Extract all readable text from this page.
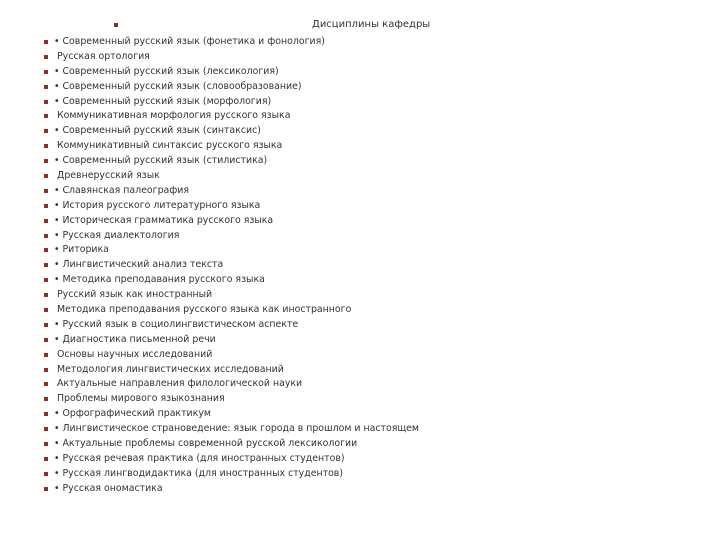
Дисциплины кафедры
• Современный русский язык (фонетика и фонология)
Русская ортология
• Современный русский язык (лексикология)
• Современный русский язык (словообразование)
• Современный русский язык (морфология)
Коммуникативная морфология русского языка
• Современный русский язык (синтаксис)
Коммуникативный синтаксис русского языка
• Современный русский язык (стилистика)
Древнерусский язык
• Славянская палеография
• История русского литературного языка
• Историческая грамматика русского языка
• Русская диалектология
• Риторика
• Лингвистический анализ текста
• Методика преподавания русского языка
Русский язык как иностранный
Методика преподавания русского языка как иностранного
• Русский язык в социолингвистическом аспекте
• Диагностика письменной речи
Основы научных исследований
Методология лингвистических исследований
Актуальные направления филологической науки
Проблемы мирового языкознания
• Орфографический практикум
• Лингвистическое страноведение: язык города в прошлом и настоящем
• Актуальные проблемы современной русской лексикологии
• Русская речевая практика (для иностранных студентов)
• Русская лингводидактика (для иностранных студентов)
• Русская ономастика
